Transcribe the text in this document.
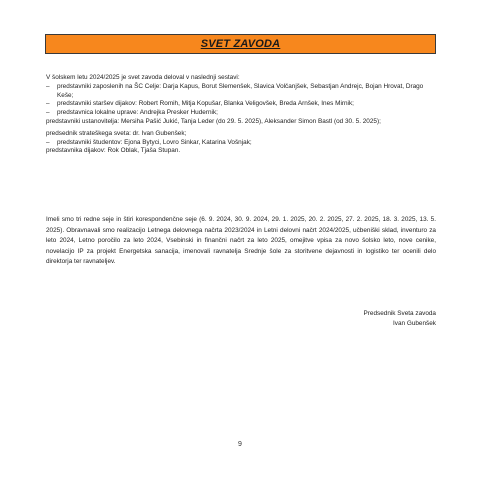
SVET ZAVODA
V šolskem letu 2024/2025 je svet zavoda deloval v naslednji sestavi:
–	predstavniki zaposlenih na ŠC Celje: Darja Kapus, Borut Slemenšek, Slavica Volčanjšek, Sebastjan Andrejc, Bojan Hrovat, Drago Keše;
–	predstavniki staršev dijakov: Robert Romih, Mitja Kopušar, Blanka Veligovšek, Breda Arnšek, Ines Mirnik;
–	predstavnica lokalne uprave: Andrejka Presker Hudernik;
predstavniki ustanovitelja: Mersiha Pašić Jukić, Tanja Leder (do 29. 5. 2025), Aleksander Simon Bastl (od 30. 5. 2025);
predsednik strateškega sveta: dr. Ivan Gubenšek;
–	predstavniki študentov: Ejona Bytyci, Lovro Sinkar, Katarina Vošnjak;
predstavnika dijakov: Rok Oblak, Tjaša Stupan.
Imeli smo tri redne seje in štiri korespondenčne seje (6. 9. 2024, 30. 9. 2024, 29. 1. 2025, 20. 2. 2025, 27. 2. 2025, 18. 3. 2025, 13. 5. 2025). Obravnavali smo realizacijo Letnega delovnega načrta 2023/2024 in Letni delovni načrt 2024/2025, učbeniški sklad, inventuro za leto 2024, Letno poročilo za leto 2024, Vsebinski in finančni načrt za leto 2025, omejitve vpisa za novo šolsko leto, nove cenike, novelacijo IP za projekt Energetska sanacija, imenovali ravnatelja Srednje šole za storitvene dejavnosti in logistiko ter ocenili delo direktorja ter ravnateljev.
Predsednik Sveta zavoda
Ivan Gubenšek
9
